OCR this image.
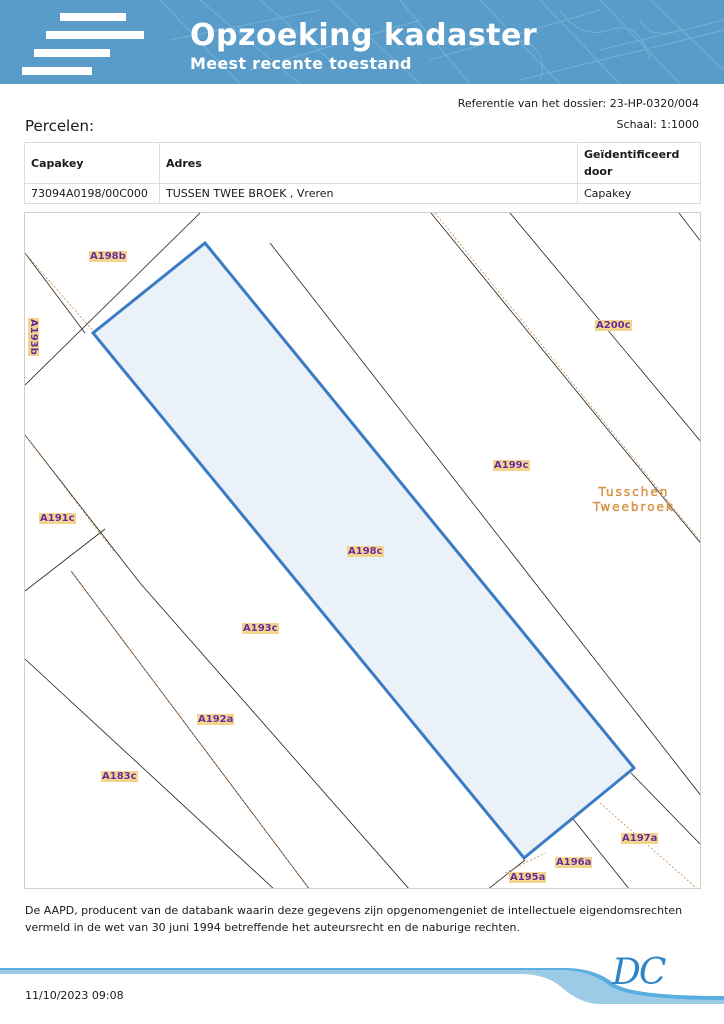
Opzoeking kadaster
Meest recente toestand
Referentie van het dossier: 23-HP-0320/004
Percelen:	Schaal: 1:1000
Capakey	Adres	Geïdentificeerd door
73094A0198/00C000	TUSSEN TWEE BROEK , Vreren	Capakey
A198b
A193b	A200c
A199c
A191c
A198c
A193c
A192a
A183c
A197a
A196a
A195a
Tusschen
Tweebroek
De AAPD, producent van de databank waarin deze gegevens zijn opgenomengeniet de intellectuele eigendomsrechten vermeld in de wet van 30 juni 1994 betreffende het auteursrecht en de naburige rechten.
DC
11/10/2023 09:08
